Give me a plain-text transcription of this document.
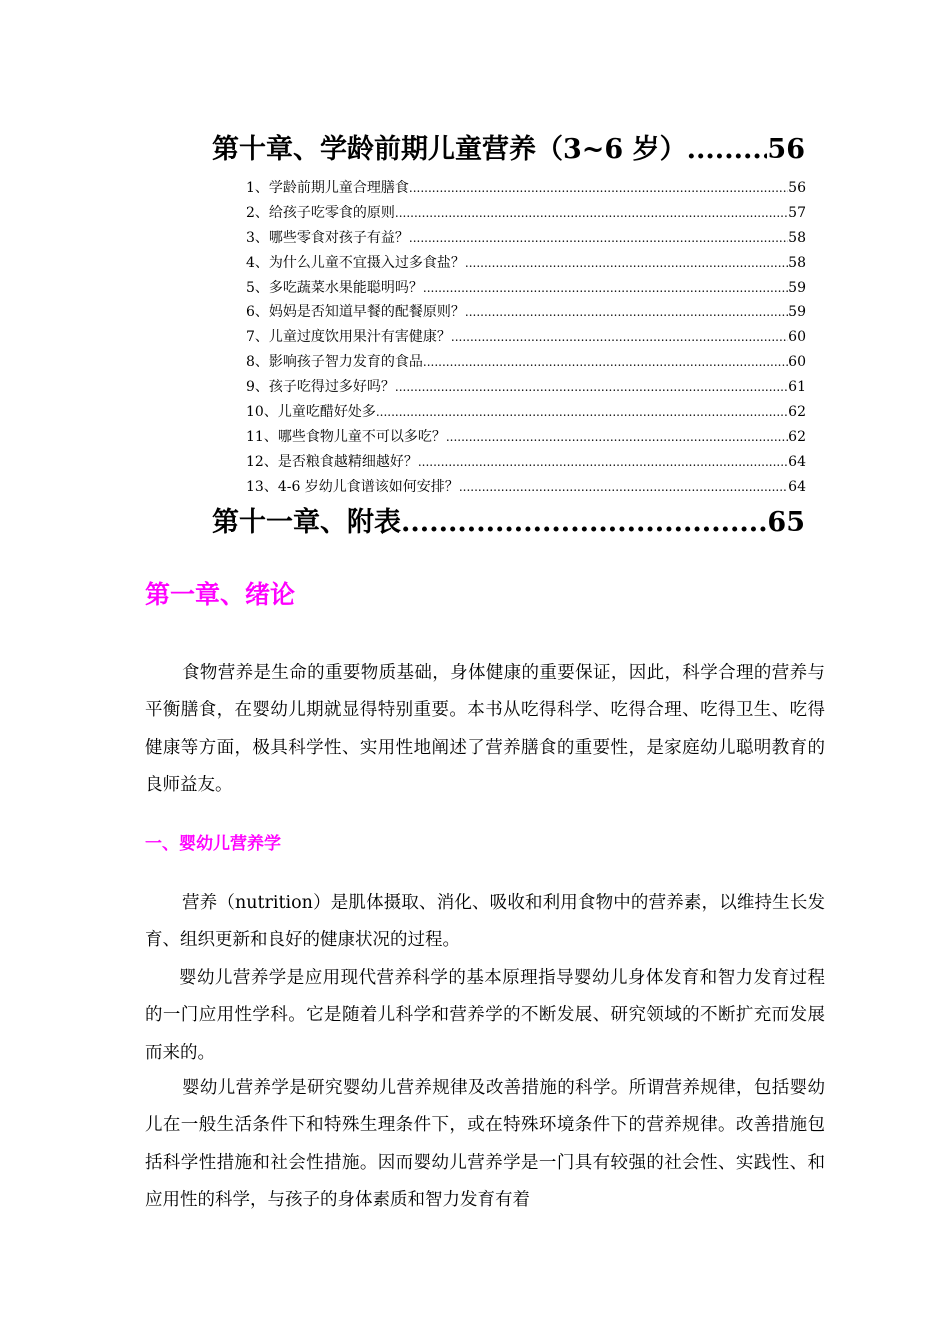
第十章、学龄前期儿童营养（3~6 岁） .....	56
1、学龄前期儿童合理膳食 .....	56
2、给孩子吃零食的原则 .....	57
3、哪些零食对孩子有益？ .....	58
4、为什么儿童不宜摄入过多食盐？ .....	58
5、多吃蔬菜水果能聪明吗？ .....	59
6、妈妈是否知道早餐的配餐原则？ .....	59
7、儿童过度饮用果汁有害健康？ .....	60
8、影响孩子智力发育的食品 .....	60
9、孩子吃得过多好吗？ .....	61
10、儿童吃醋好处多 .....	62
11、哪些食物儿童不可以多吃？ .....	62
12、是否粮食越精细越好？ .....	64
13、4-6 岁幼儿食谱该如何安排？ .....	64
第十一章、附表 .....	65
第一章、绪论

食物营养是生命的重要物质基础，身体健康的重要保证，因此，科学合理的营养与平衡膳食，在婴幼儿期就显得特别重要。本书从吃得科学、吃得合理、吃得卫生、吃得健康等方面，极具科学性、实用性地阐述了营养膳食的重要性，是家庭幼儿聪明教育的良师益友。

一、婴幼儿营养学

营养（nutrition）是肌体摄取、消化、吸收和利用食物中的营养素，以维持生长发育、组织更新和良好的健康状况的过程。

婴幼儿营养学是应用现代营养科学的基本原理指导婴幼儿身体发育和智力发育过程的一门应用性学科。它是随着儿科学和营养学的不断发展、研究领域的不断扩充而发展而来的。

婴幼儿营养学是研究婴幼儿营养规律及改善措施的科学。所谓营养规律，包括婴幼儿在一般生活条件下和特殊生理条件下，或在特殊环境条件下的营养规律。改善措施包括科学性措施和社会性措施。因而婴幼儿营养学是一门具有较强的社会性、实践性、和应用性的科学，与孩子的身体素质和智力发育有着
